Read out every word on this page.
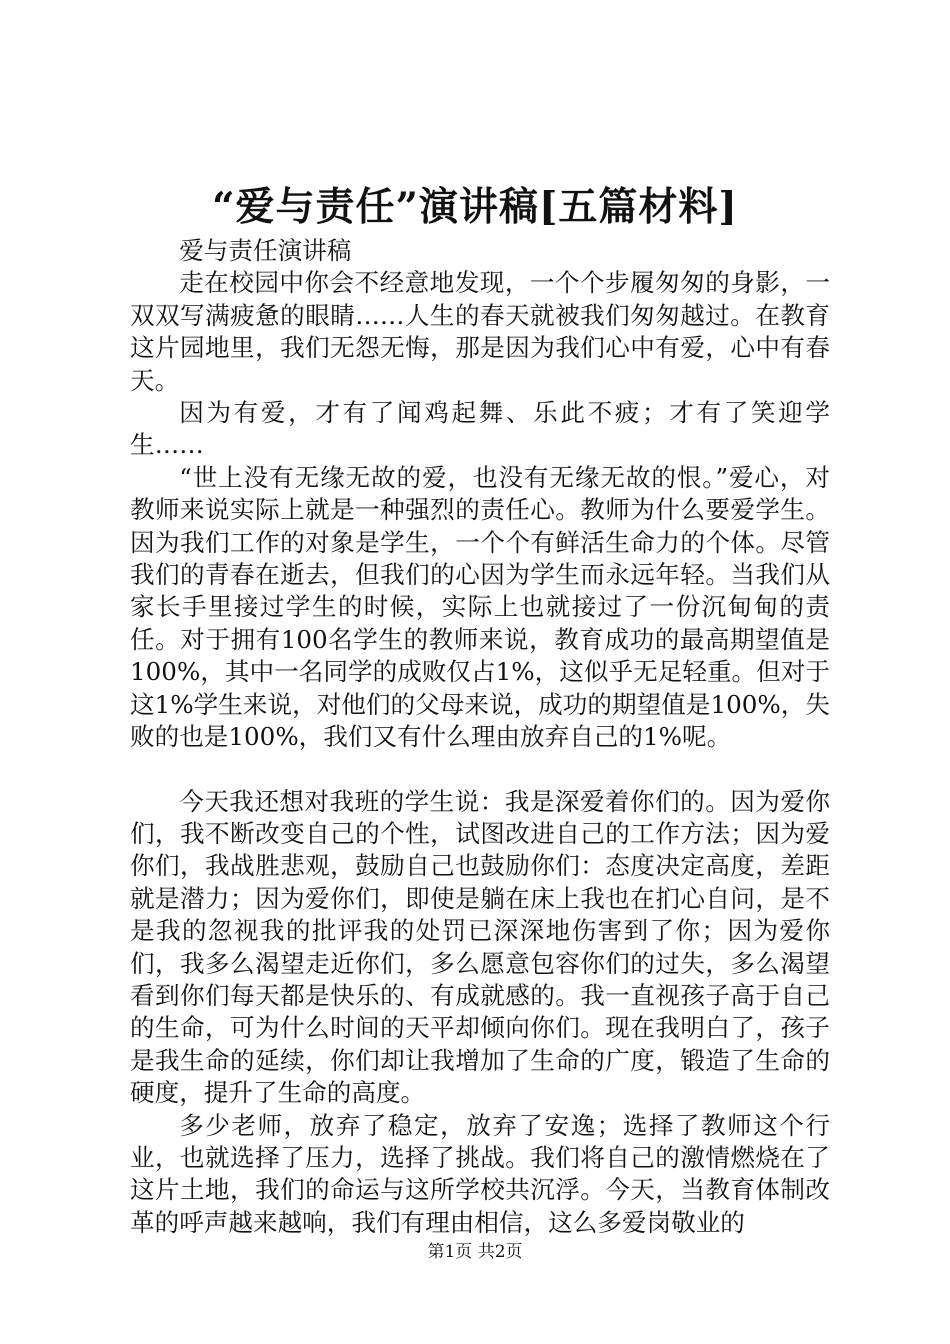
“爱与责任”演讲稿[五篇材料]

爱与责任演讲稿

走在校园中你会不经意地发现，一个个步履匆匆的身影，一双双写满疲惫的眼睛……人生的春天就被我们匆匆越过。在教育这片园地里，我们无怨无悔，那是因为我们心中有爱，心中有春天。

因为有爱，才有了闻鸡起舞、乐此不疲；才有了笑迎学生……

“世上没有无缘无故的爱，也没有无缘无故的恨。”爱心，对教师来说实际上就是一种强烈的责任心。教师为什么要爱学生。因为我们工作的对象是学生，一个个有鲜活生命力的个体。尽管我们的青春在逝去，但我们的心因为学生而永远年轻。当我们从家长手里接过学生的时候，实际上也就接过了一份沉甸甸的责任。对于拥有100名学生的教师来说，教育成功的最高期望值是100%，其中一名同学的成败仅占1%，这似乎无足轻重。但对于这1%学生来说，对他们的父母来说，成功的期望值是100%，失败的也是100%，我们又有什么理由放弃自己的1%呢。

今天我还想对我班的学生说：我是深爱着你们的。因为爱你们，我不断改变自己的个性，试图改进自己的工作方法；因为爱你们，我战胜悲观，鼓励自己也鼓励你们：态度决定高度，差距就是潜力；因为爱你们，即使是躺在床上我也在扪心自问，是不是我的忽视我的批评我的处罚已深深地伤害到了你；因为爱你们，我多么渴望走近你们，多么愿意包容你们的过失，多么渴望看到你们每天都是快乐的、有成就感的。我一直视孩子高于自己的生命，可为什么时间的天平却倾向你们。现在我明白了，孩子是我生命的延续，你们却让我增加了生命的广度，锻造了生命的硬度，提升了生命的高度。

多少老师，放弃了稳定，放弃了安逸；选择了教师这个行业，也就选择了压力，选择了挑战。我们将自己的激情燃烧在了这片土地，我们的命运与这所学校共沉浮。今天，当教育体制改革的呼声越来越响，我们有理由相信，这么多爱岗敬业的

第1页 共2页
